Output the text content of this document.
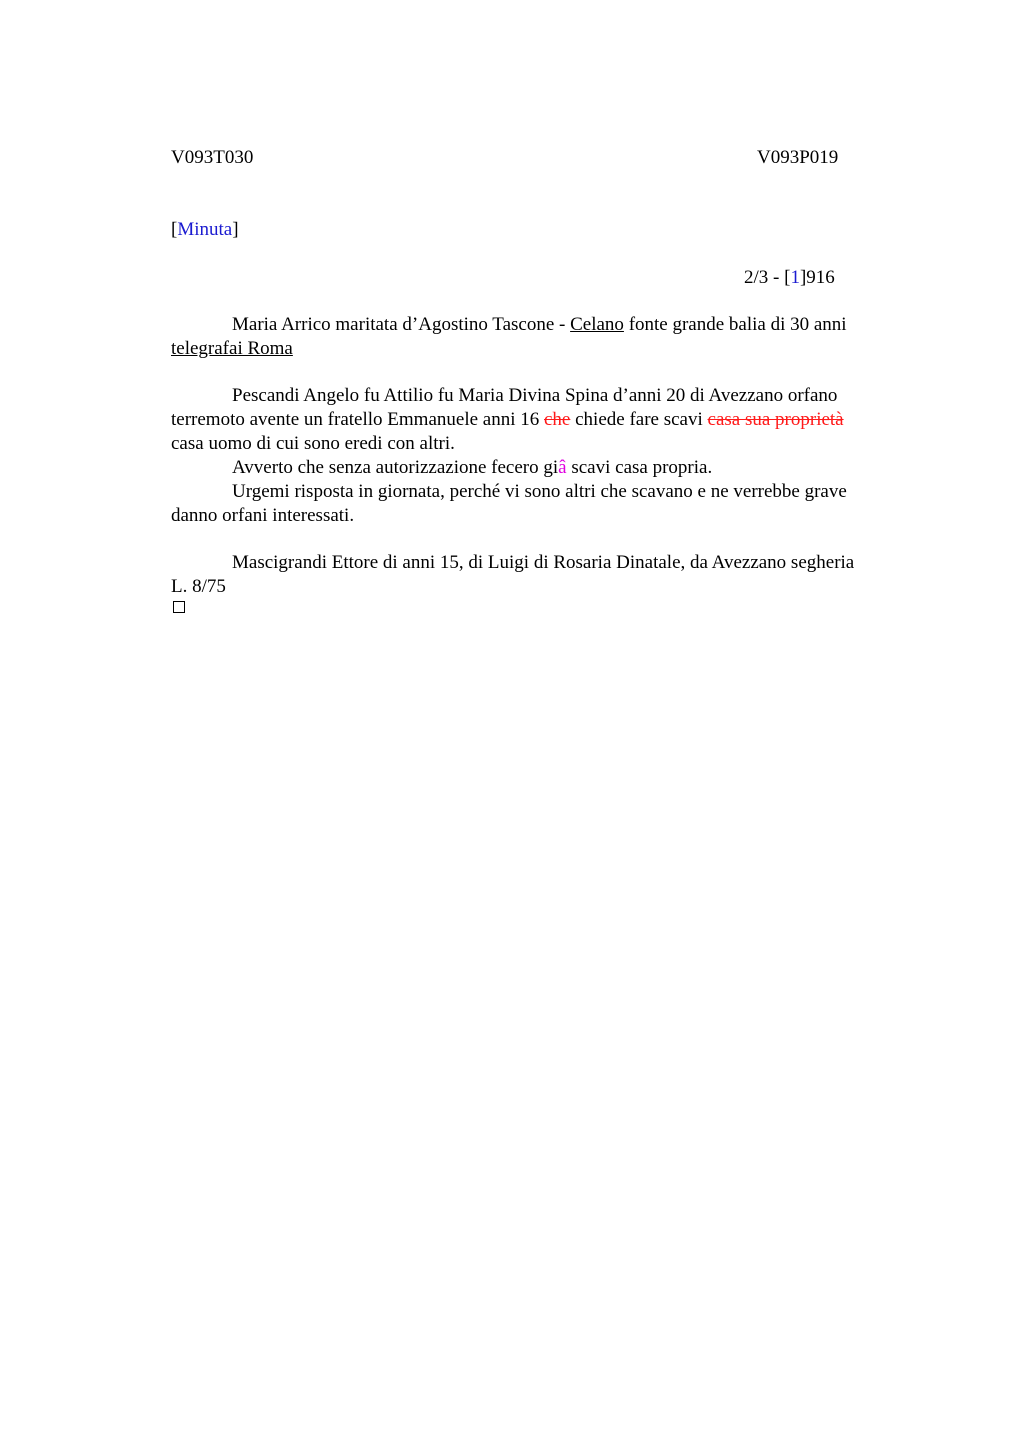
V093T030	V093P019
[Minuta]
2/3 - [1]916
Maria Arrico maritata d’Agostino Tascone - Celano fonte grande balia di 30 anni
telegrafai Roma
Pescandi Angelo fu Attilio fu Maria Divina Spina d’anni 20 di Avezzano orfano
terremoto avente un fratello Emmanuele anni 16 che chiede fare scavi casa sua proprietà
casa uomo di cui sono eredi con altri.
Avverto che senza autorizzazione fecero giâ scavi casa propria.
Urgemi risposta in giornata, perché vi sono altri che scavano e ne verrebbe grave
danno orfani interessati.
Mascigrandi Ettore di anni 15, di Luigi di Rosaria Dinatale, da Avezzano segheria
L. 8/75
